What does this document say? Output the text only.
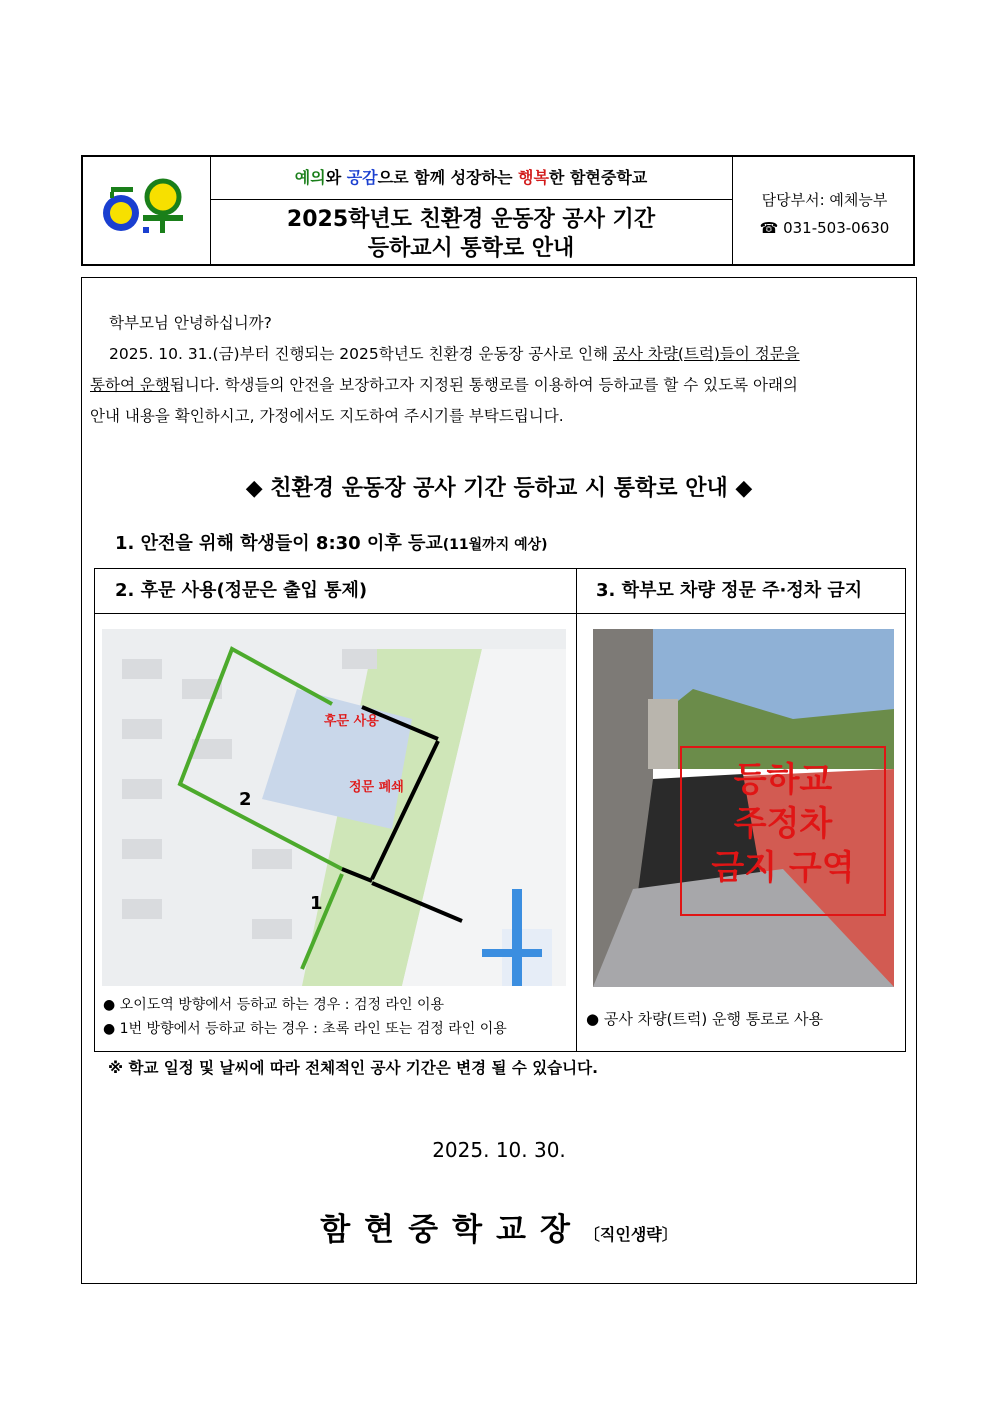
예의와 공감으로 함께 성장하는 행복한 함현중학교
2025학년도 친환경 운동장 공사 기간
등하교시 통학로 안내
담당부서: 예체능부
☎ 031-503-0630
학부모님 안녕하십니까?
2025. 10. 31.(금)부터 진행되는 2025학년도 친환경 운동장 공사로 인해 공사 차량(트럭)들이 정문을
통하여 운행됩니다. 학생들의 안전을 보장하고자 지정된 통행로를 이용하여 등하교를 할 수 있도록 아래의
안내 내용을 확인하시고, 가정에서도 지도하여 주시기를 부탁드립니다.
◆ 친환경 운동장 공사 기간 등하교 시 통학로 안내 ◆
1. 안전을 위해 학생들이 8:30 이후 등교(11월까지 예상)
2. 후문 사용(정문은 출입 통제)
후문 사용
정문 폐쇄
1
2
● 오이도역 방향에서 등하교 하는 경우 : 검정 라인 이용
● 1번 방향에서 등하교 하는 경우 : 초록 라인 또는 검정 라인 이용
3. 학부모 차량 정문 주·정차 금지
등하교
주정차
금지 구역
● 공사 차량(트럭) 운행 통로로 사용
※ 학교 일정 및 날씨에 따라 전체적인 공사 기간은 변경 될 수 있습니다.
2025. 10. 30.
함현중학교장〔직인생략〕
